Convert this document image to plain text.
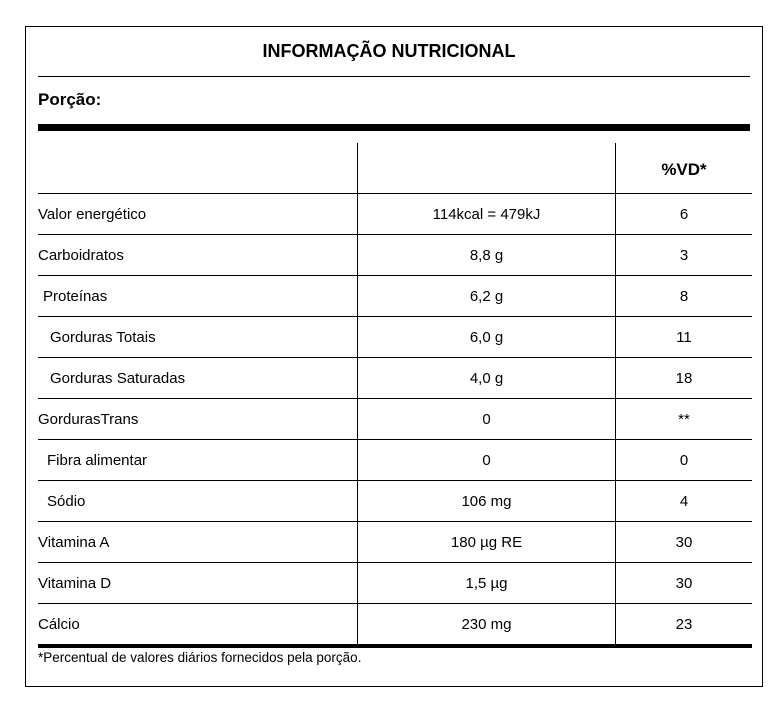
INFORMAÇÃO NUTRICIONAL
Porção:
		%VD*
Valor energético	114kcal = 479kJ	6
Carboidratos	8,8 g	3
Proteínas	6,2 g	8
Gorduras Totais	6,0 g	11
Gorduras Saturadas	4,0 g	18
GordurasTrans	0	**
Fibra alimentar	0	0
Sódio	106 mg	4
Vitamina A	180 µg RE	30
Vitamina D	1,5 µg	30
Cálcio	230 mg	23
*Percentual de valores diários fornecidos pela porção.
